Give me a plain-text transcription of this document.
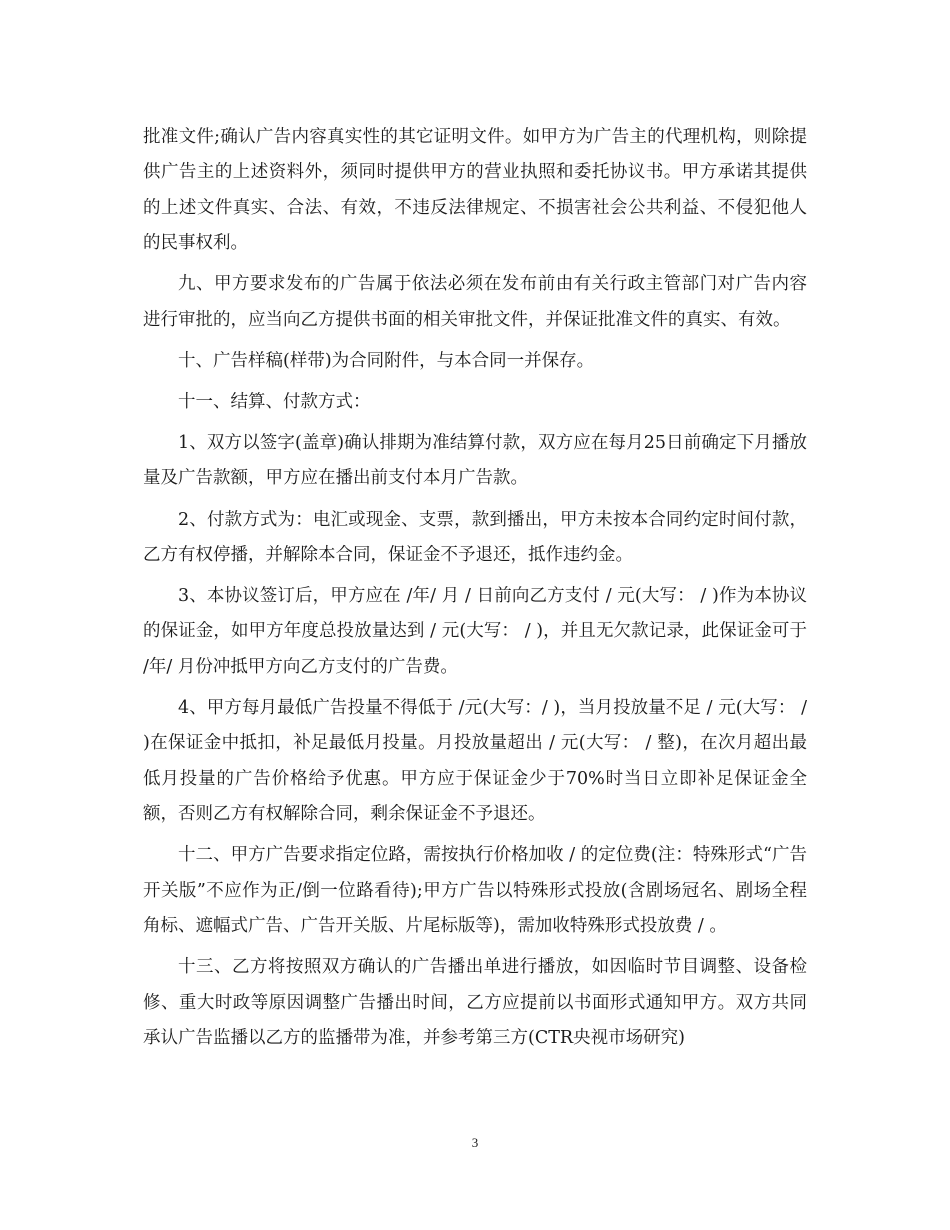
批准文件;确认广告内容真实性的其它证明文件。如甲方为广告主的代理机构，则除提供广告主的上述资料外，须同时提供甲方的营业执照和委托协议书。甲方承诺其提供的上述文件真实、合法、有效，不违反法律规定、不损害社会公共利益、不侵犯他人的民事权利。

九、甲方要求发布的广告属于依法必须在发布前由有关行政主管部门对广告内容进行审批的，应当向乙方提供书面的相关审批文件，并保证批准文件的真实、有效。

十、广告样稿(样带)为合同附件，与本合同一并保存。

十一、结算、付款方式：

1、双方以签字(盖章)确认排期为准结算付款，双方应在每月25日前确定下月播放量及广告款额，甲方应在播出前支付本月广告款。

2、付款方式为：电汇或现金、支票，款到播出，甲方未按本合同约定时间付款，乙方有权停播，并解除本合同，保证金不予退还，抵作违约金。

3、本协议签订后，甲方应在 /年/ 月 / 日前向乙方支付 / 元(大写： / )作为本协议的保证金，如甲方年度总投放量达到 / 元(大写： / )，并且无欠款记录，此保证金可于 /年/ 月份冲抵甲方向乙方支付的广告费。

4、甲方每月最低广告投量不得低于 /元(大写：/ )，当月投放量不足 / 元(大写： / )在保证金中抵扣，补足最低月投量。月投放量超出 / 元(大写： / 整)，在次月超出最低月投量的广告价格给予优惠。甲方应于保证金少于70%时当日立即补足保证金全额，否则乙方有权解除合同，剩余保证金不予退还。

十二、甲方广告要求指定位路，需按执行价格加收 / 的定位费(注：特殊形式“广告开关版”不应作为正/倒一位路看待);甲方广告以特殊形式投放(含剧场冠名、剧场全程角标、遮幅式广告、广告开关版、片尾标版等)，需加收特殊形式投放费 / 。

十三、乙方将按照双方确认的广告播出单进行播放，如因临时节目调整、设备检修、重大时政等原因调整广告播出时间，乙方应提前以书面形式通知甲方。双方共同承认广告监播以乙方的监播带为准，并参考第三方(CTR央视市场研究)

3
